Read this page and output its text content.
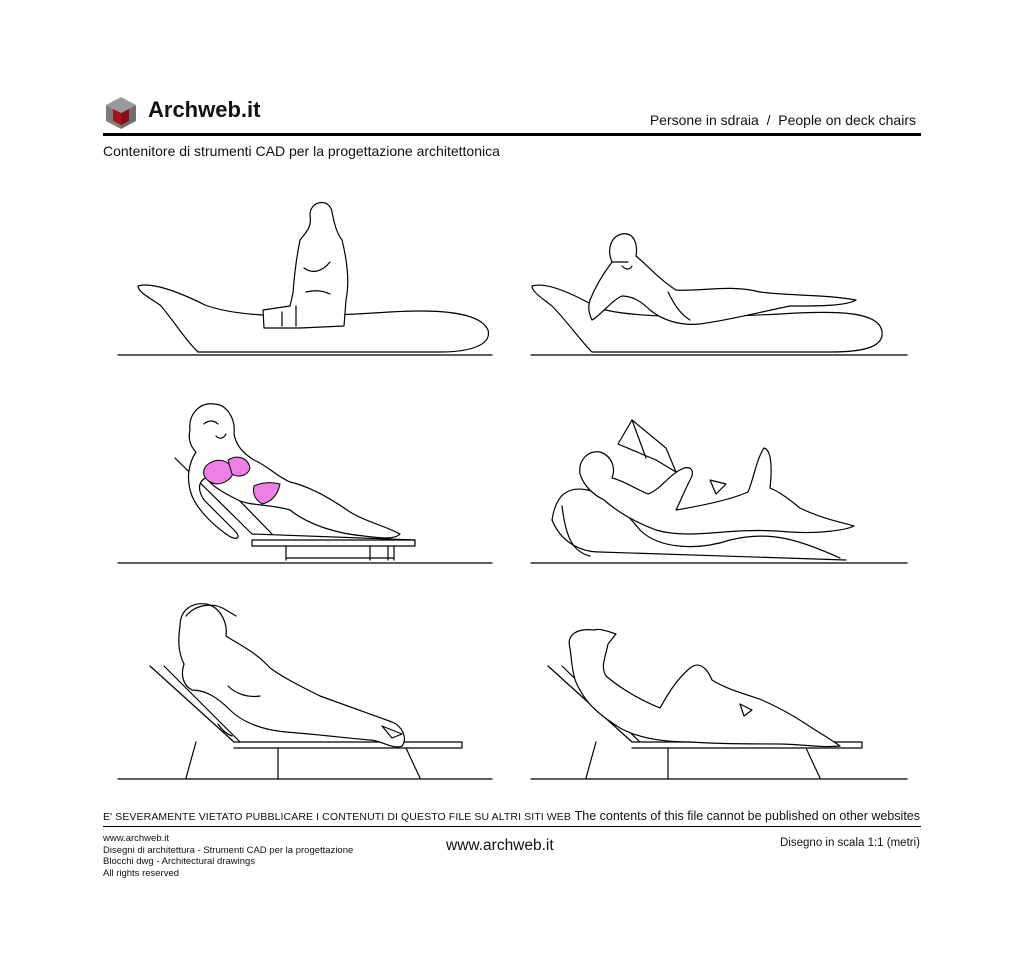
Archweb.it	Persone in sdraia  /  People on deck chairs
Contenitore di strumenti CAD per la progettazione architettonica
E' SEVERAMENTE VIETATO PUBBLICARE I CONTENUTI DI QUESTO FILE SU ALTRI SITI WEB The contents of this file cannot be published on other websites
www.archweb.it
Disegni di architettura - Strumenti CAD per la progettazione
Blocchi dwg - Architectural drawings
All rights reserved
www.archweb.it	Disegno in scala 1:1 (metri)
